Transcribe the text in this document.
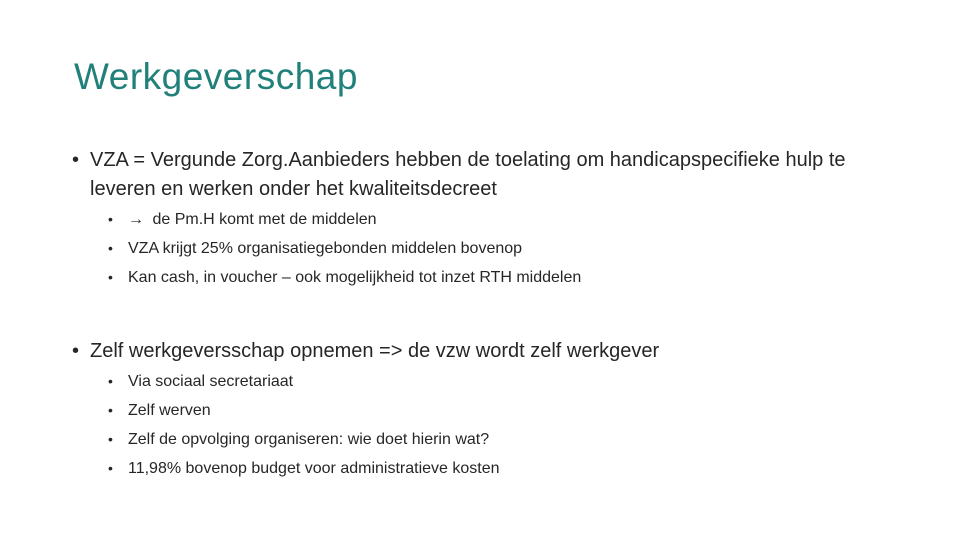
Werkgeverschap
• VZA = Vergunde Zorg.Aanbieders hebben de toelating om handicapspecifieke hulp te leveren en werken onder het kwaliteitsdecreet
• → de Pm.H komt met de middelen
• VZA krijgt 25% organisatiegebonden middelen bovenop
• Kan cash, in voucher – ook mogelijkheid tot inzet RTH middelen
• Zelf werkgeversschap opnemen => de vzw wordt zelf werkgever
• Via sociaal secretariaat
• Zelf werven
• Zelf de opvolging organiseren: wie doet hierin wat?
• 11,98% bovenop budget voor administratieve kosten
